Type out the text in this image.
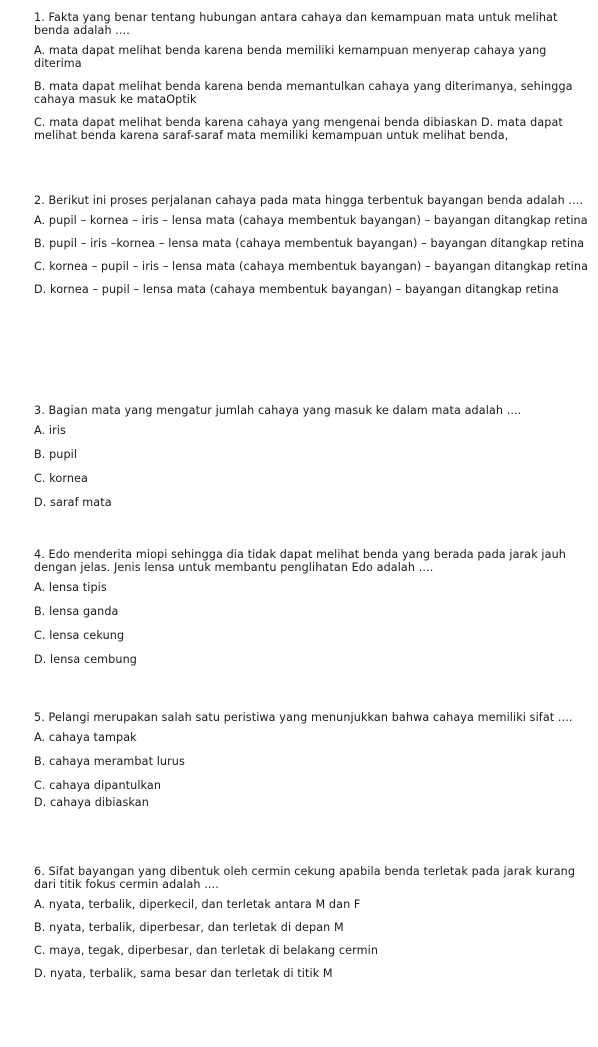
1. Fakta yang benar tentang hubungan antara cahaya dan kemampuan mata untuk melihat benda adalah ....

A. mata dapat melihat benda karena benda memiliki kemampuan menyerap cahaya yang diterima

B. mata dapat melihat benda karena benda memantulkan cahaya yang diterimanya, sehingga cahaya masuk ke mataOptik

C. mata dapat melihat benda karena cahaya yang mengenai benda dibiaskan D. mata dapat melihat benda karena saraf-saraf mata memiliki kemampuan untuk melihat benda,

2. Berikut ini proses perjalanan cahaya pada mata hingga terbentuk bayangan benda adalah ....

A. pupil – kornea – iris – lensa mata (cahaya membentuk bayangan) – bayangan ditangkap retina

B. pupil – iris –kornea – lensa mata (cahaya membentuk bayangan) – bayangan ditangkap retina

C. kornea – pupil – iris – lensa mata (cahaya membentuk bayangan) – bayangan ditangkap retina

D. kornea – pupil – lensa mata (cahaya membentuk bayangan) – bayangan ditangkap retina

3. Bagian mata yang mengatur jumlah cahaya yang masuk ke dalam mata adalah ....

A. iris

B. pupil

C. kornea

D. saraf mata

4. Edo menderita miopi sehingga dia tidak dapat melihat benda yang berada pada jarak jauh dengan jelas. Jenis lensa untuk membantu penglihatan Edo adalah ....

A. lensa tipis

B. lensa ganda

C. lensa cekung

D. lensa cembung

5. Pelangi merupakan salah satu peristiwa yang menunjukkan bahwa cahaya memiliki sifat ....

A. cahaya tampak

B. cahaya merambat lurus

C. cahaya dipantulkan

D. cahaya dibiaskan

6. Sifat bayangan yang dibentuk oleh cermin cekung apabila benda terletak pada jarak kurang dari titik fokus cermin adalah ....

A. nyata, terbalik, diperkecil, dan terletak antara M dan F

B. nyata, terbalik, diperbesar, dan terletak di depan M

C. maya, tegak, diperbesar, dan terletak di belakang cermin

D. nyata, terbalik, sama besar dan terletak di titik M
